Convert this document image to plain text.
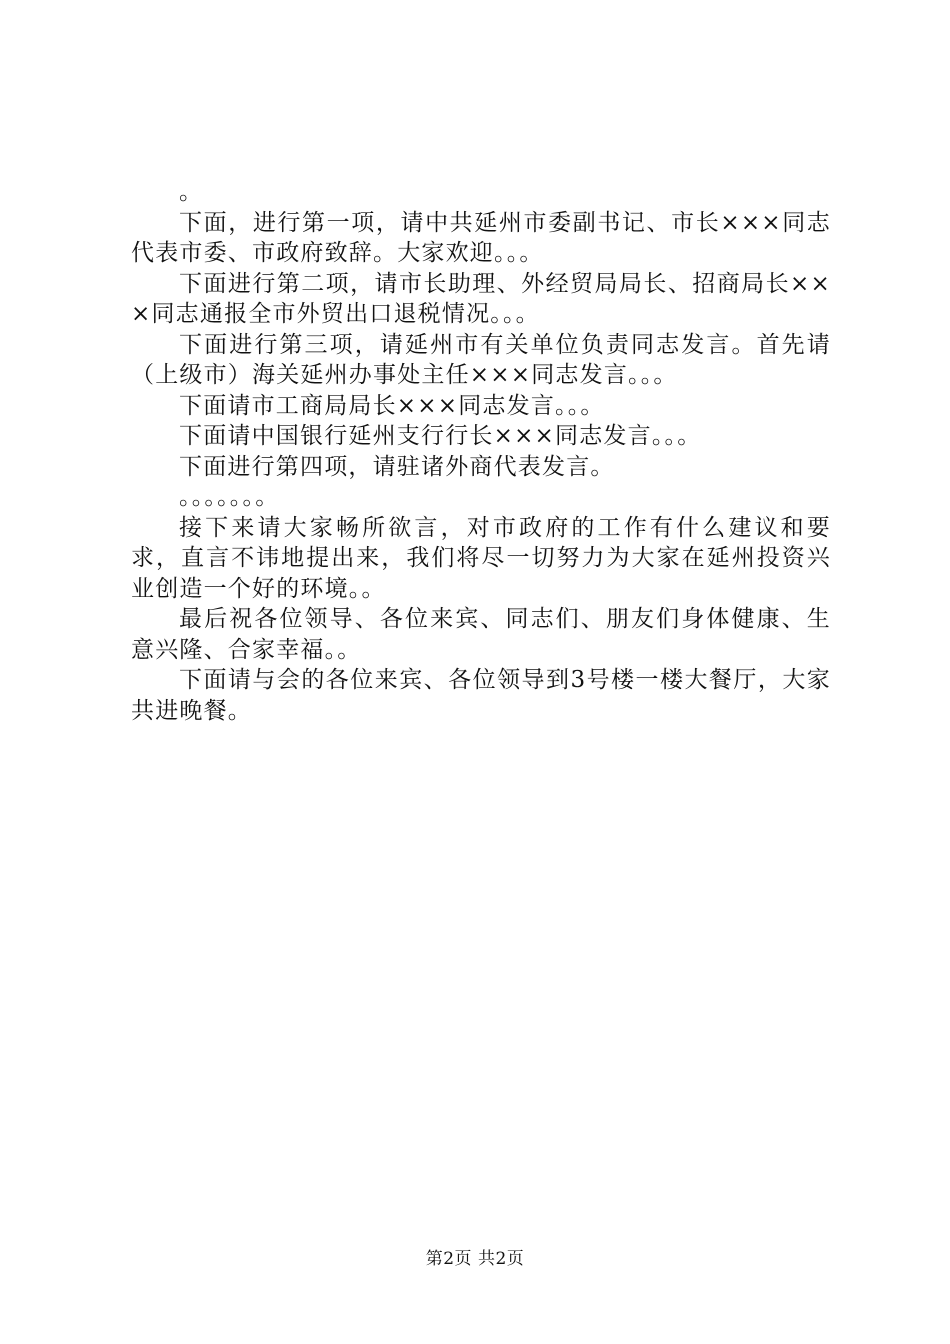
。

下面，进行第一项，请中共延州市委副书记、市长×××同志代表市委、市政府致辞。大家欢迎。。。

下面进行第二项，请市长助理、外经贸局局长、招商局长×××同志通报全市外贸出口退税情况。。。

下面进行第三项，请延州市有关单位负责同志发言。首先请（上级市）海关延州办事处主任×××同志发言。。。

下面请市工商局局长×××同志发言。。。

下面请中国银行延州支行行长×××同志发言。。。

下面进行第四项，请驻诸外商代表发言。

。。。。。。。

接下来请大家畅所欲言，对市政府的工作有什么建议和要求，直言不讳地提出来，我们将尽一切努力为大家在延州投资兴业创造一个好的环境。。

最后祝各位领导、各位来宾、同志们、朋友们身体健康、生意兴隆、合家幸福。。

下面请与会的各位来宾、各位领导到3号楼一楼大餐厅，大家共进晚餐。

第2页 共2页
